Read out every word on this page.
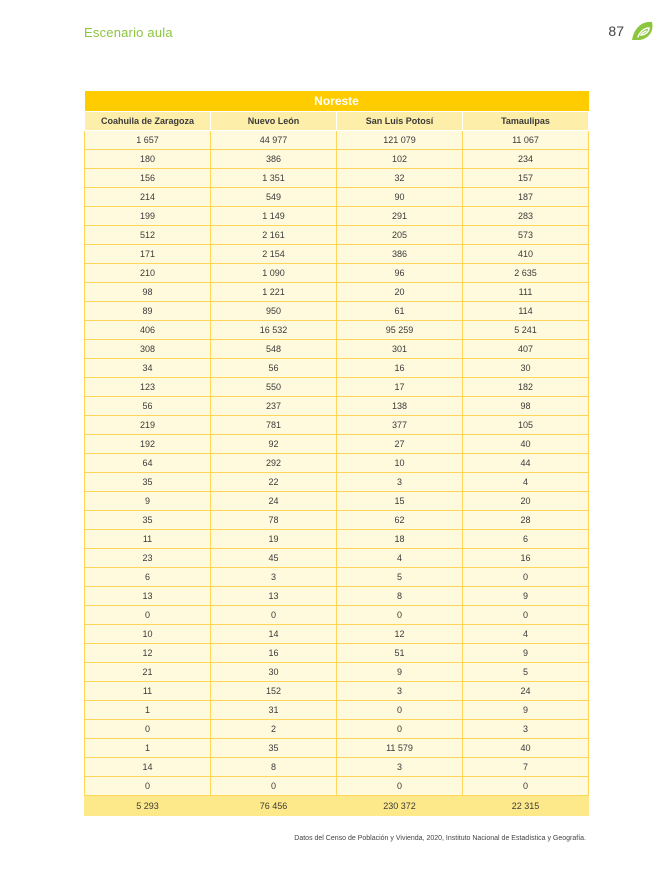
Escenario aula	87
Noreste			
Coahuila de Zaragoza	Nuevo León	San Luis Potosí	Tamaulipas
1 657	44 977	121 079	11 067
180	386	102	234
156	1 351	32	157
214	549	90	187
199	1 149	291	283
512	2 161	205	573
171	2 154	386	410
210	1 090	96	2 635
98	1 221	20	111
89	950	61	114
406	16 532	95 259	5 241
308	548	301	407
34	56	16	30
123	550	17	182
56	237	138	98
219	781	377	105
192	92	27	40
64	292	10	44
35	22	3	4
9	24	15	20
35	78	62	28
11	19	18	6
23	45	4	16
6	3	5	0
13	13	8	9
0	0	0	0
10	14	12	4
12	16	51	9
21	30	9	5
11	152	3	24
1	31	0	9
0	2	0	3
1	35	11 579	40
14	8	3	7
0	0	0	0
5 293	76 456	230 372	22 315
Datos del Censo de Población y Vivienda, 2020, Instituto Nacional de Estadística y Geografía.
